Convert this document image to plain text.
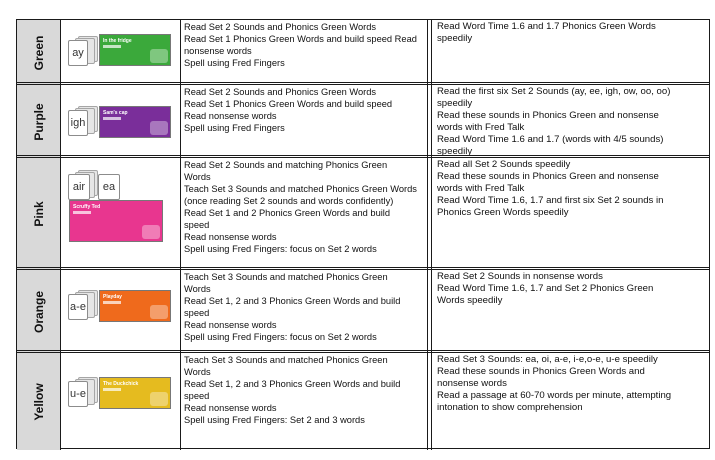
Green ay
In the fridge
Read Set 2 Sounds and Phonics Green Words
Read Set 1 Phonics Green Words and build speed Read
nonsense words
Spell using Fred Fingers
Read Word Time 1.6 and 1.7 Phonics Green Words
speedily
Purple igh
Sam's cap
Read Set 2 Sounds and Phonics Green Words
Read Set 1 Phonics Green Words and build speed
Read nonsense words
Spell using Fred Fingers
Read the first six Set 2 Sounds (ay, ee, igh, ow, oo, oo)
speedily
Read these sounds in Phonics Green and nonsense
words with Fred Talk
Read Word Time 1.6 and 1.7 (words with 4/5 sounds)
speedily
Pink
air ea
Scruffy Ted
Read Set 2 Sounds and matching Phonics Green
Words
Teach Set 3 Sounds and matched Phonics Green Words
(once reading Set 2 sounds and words confidently)
Read Set 1 and 2 Phonics Green Words and build
speed
Read nonsense words
Spell using Fred Fingers: focus on Set 2 words
Read all Set 2 Sounds speedily
Read these sounds in Phonics Green and nonsense
words with Fred Talk
Read Word Time 1.6, 1.7 and first six Set 2 sounds in
Phonics Green Words speedily
Orange a-e
Playday
Teach Set 3 Sounds and matched Phonics Green
Words
Read Set 1, 2 and 3 Phonics Green Words and build
speed
Read nonsense words
Spell using Fred Fingers: focus on Set 2 words
Read Set 2 Sounds in nonsense words
Read Word Time 1.6, 1.7 and Set 2 Phonics Green
Words speedily
Yellow u-e
The Duckchick
Teach Set 3 Sounds and matched Phonics Green
Words
Read Set 1, 2 and 3 Phonics Green Words and build
speed
Read nonsense words
Spell using Fred Fingers: Set 2 and 3 words
Read Set 3 Sounds: ea, oi, a-e, i-e,o-e, u-e speedily
Read these sounds in Phonics Green Words and
nonsense words
Read a passage at 60-70 words per minute, attempting
intonation to show comprehension
